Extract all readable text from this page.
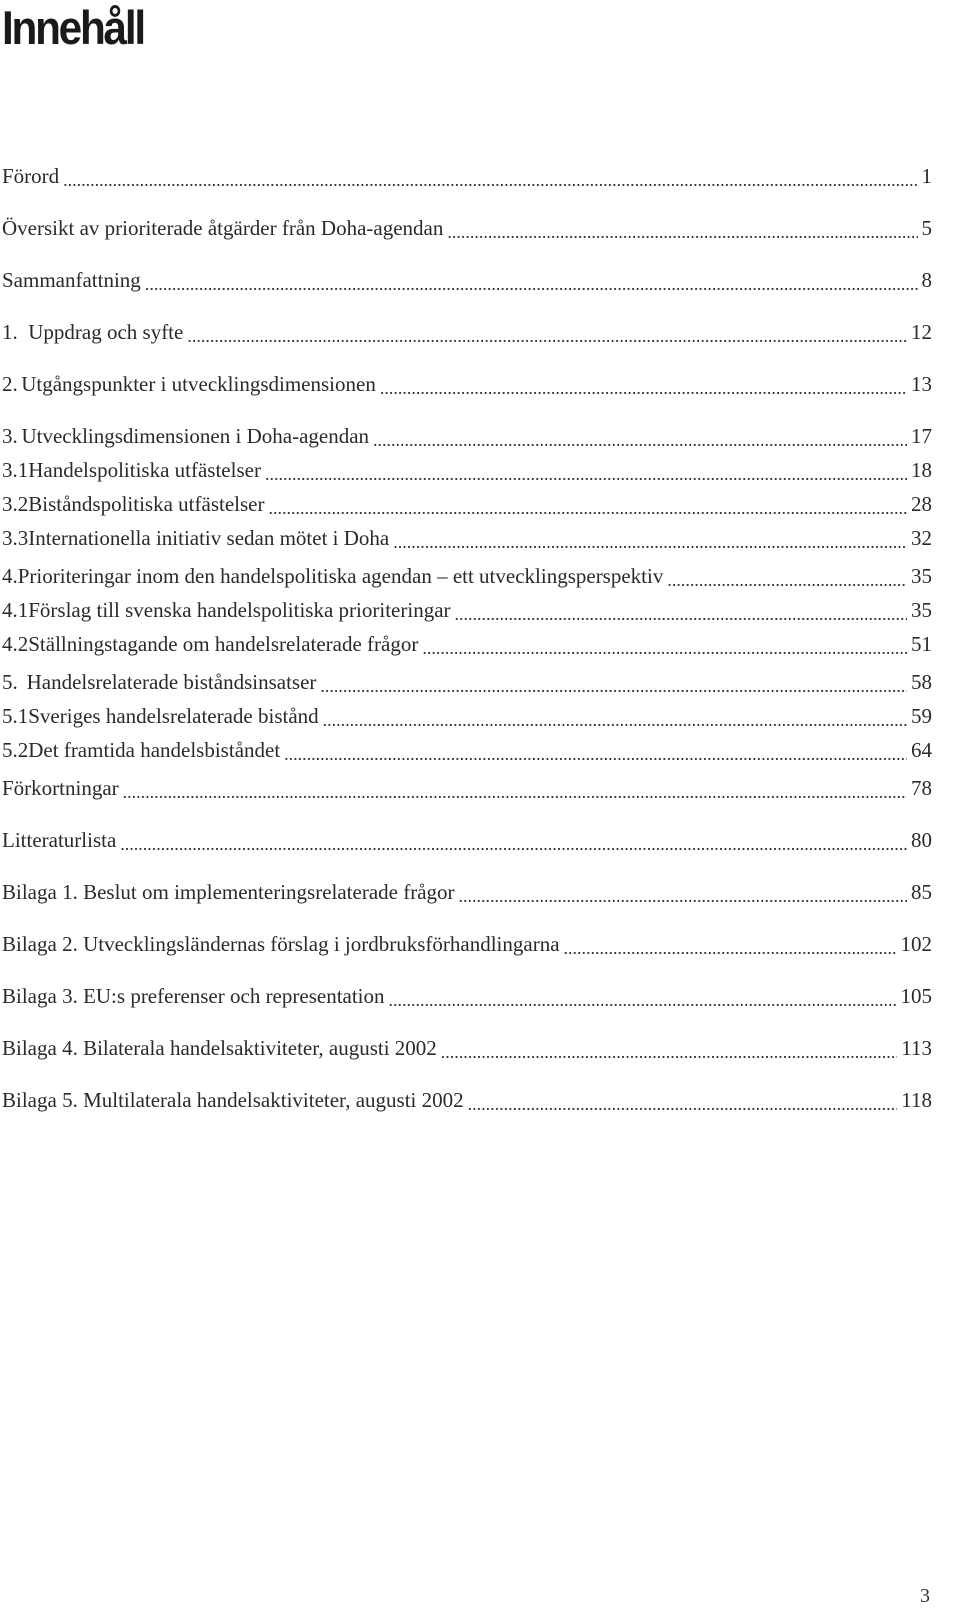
Innehåll
Förord .....	1
Översikt av prioriterade åtgärder från Doha-agendan .....	5
Sammanfattning .....	8
1. Uppdrag och syfte .....	12
2. Utgångspunkter i utvecklingsdimensionen .....	13
3. Utvecklingsdimensionen i Doha-agendan .....	17
3.1 Handelspolitiska utfästelser .....	18
3.2 Biståndspolitiska utfästelser .....	28
3.3 Internationella initiativ sedan mötet i Doha .....	32
4. Prioriteringar inom den handelspolitiska agendan – ett utvecklingsperspektiv .....	35
4.1 Förslag till svenska handelspolitiska prioriteringar .....	35
4.2 Ställningstagande om handelsrelaterade frågor .....	51
5. Handelsrelaterade biståndsinsatser .....	58
5.1 Sveriges handelsrelaterade bistånd .....	59
5.2 Det framtida handelsbiståndet .....	64
Förkortningar .....	78
Litteraturlista .....	80
Bilaga 1. Beslut om implementeringsrelaterade frågor .....	85
Bilaga 2. Utvecklingsländernas förslag i jordbruksförhandlingarna .....	102
Bilaga 3. EU:s preferenser och representation .....	105
Bilaga 4. Bilaterala handelsaktiviteter, augusti 2002 .....	113
Bilaga 5. Multilaterala handelsaktiviteter, augusti 2002 .....	118
3
